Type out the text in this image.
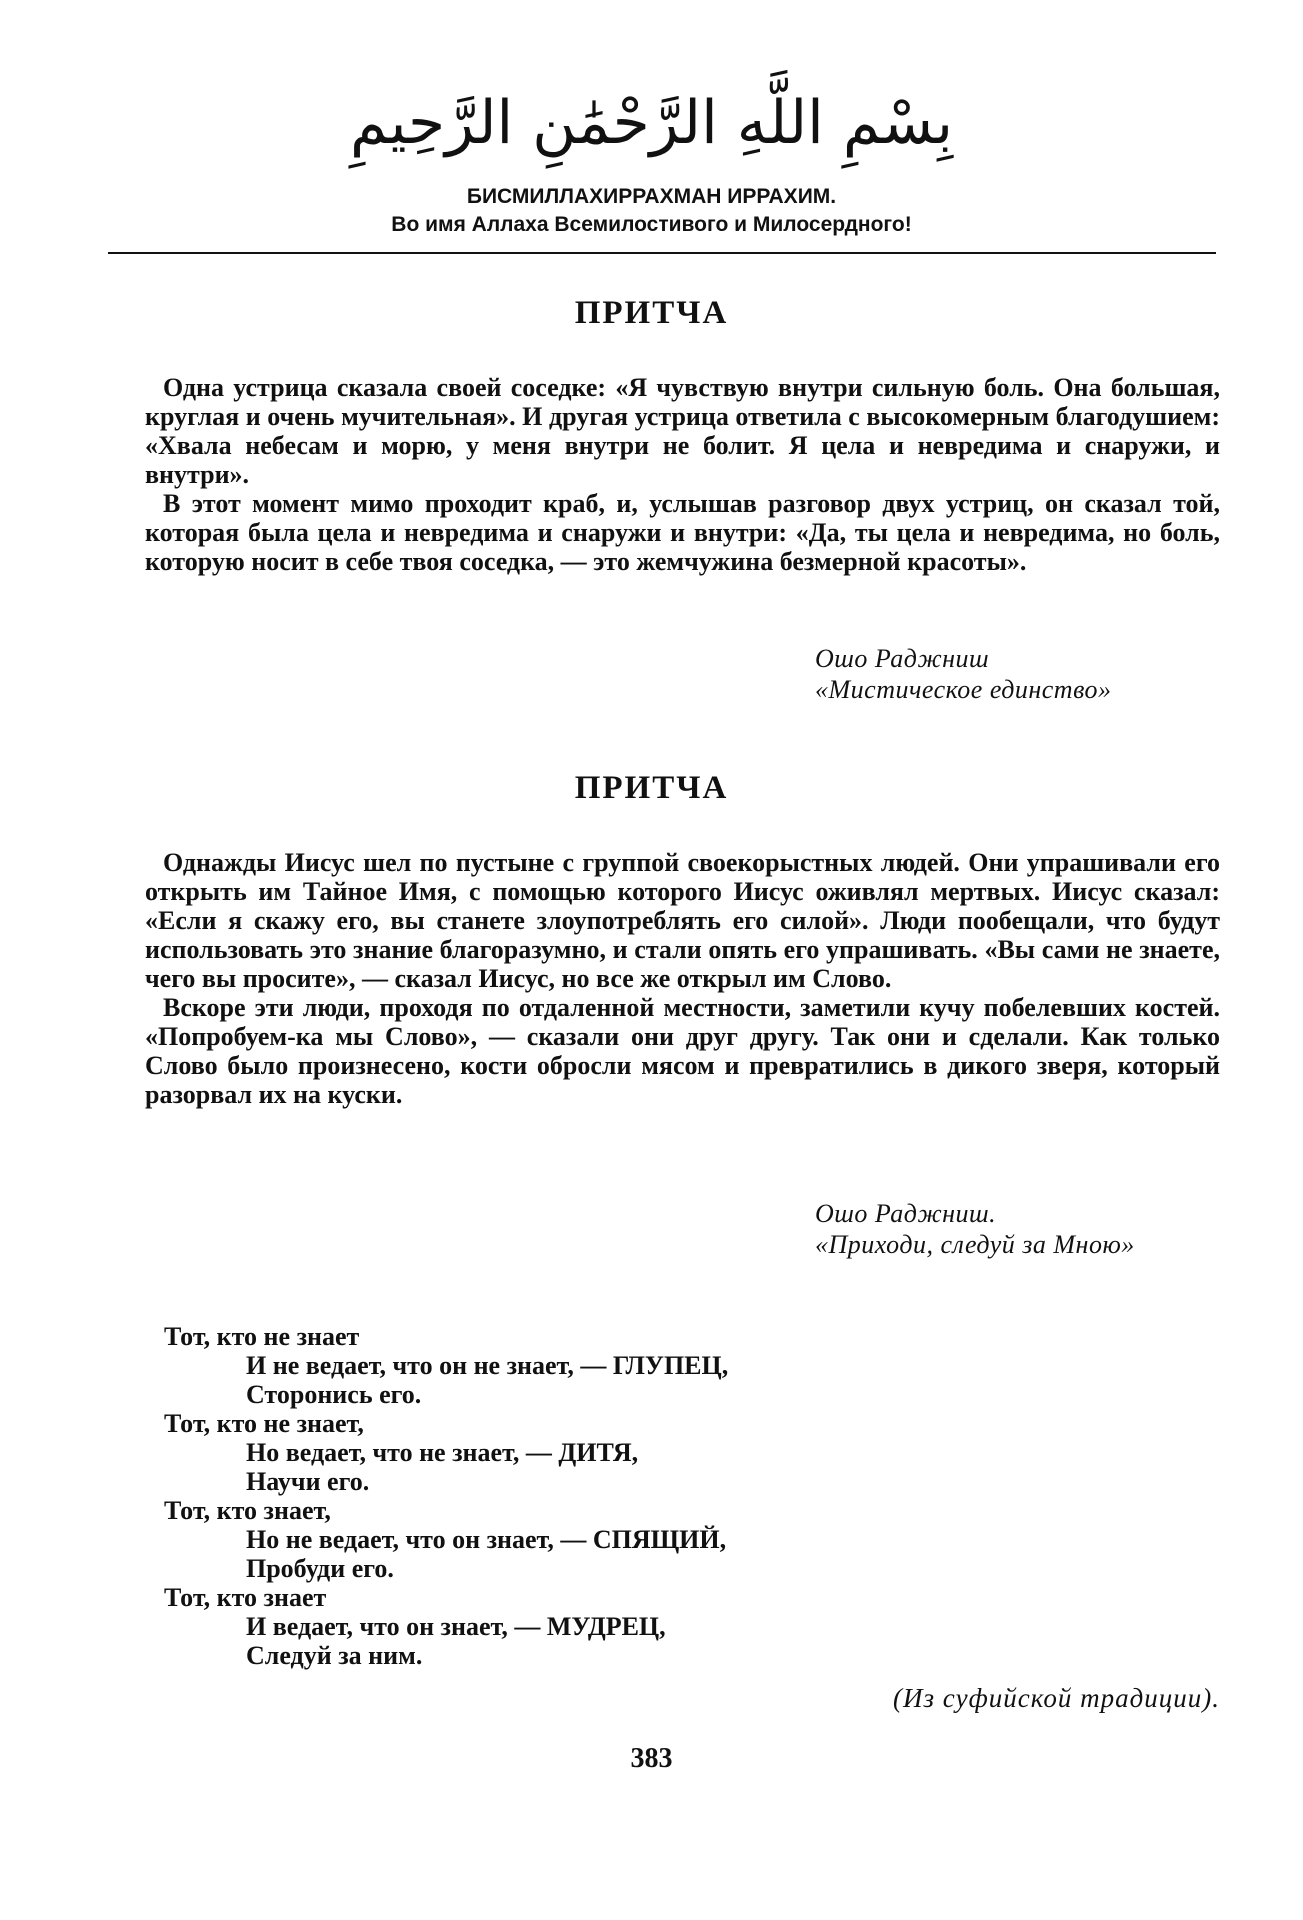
بِسْمِ اللَّهِ الرَّحْمَٰنِ الرَّحِيمِ
БИСМИЛЛАХИРРАХМАН ИРРАХИМ.
Во имя Аллаха Всемилостивого и Милосердного!
ПРИТЧА

Одна устрица сказала своей соседке: «Я чувствую внутри сильную боль. Она большая, круглая и очень мучительная». И другая устрица ответила с высокомерным благодушием: «Хвала небесам и морю, у меня внутри не болит. Я цела и невредима и снаружи, и внутри».

В этот момент мимо проходит краб, и, услышав разговор двух устриц, он сказал той, которая была цела и невредима и снаружи и внутри: «Да, ты цела и невредима, но боль, которую носит в себе твоя соседка, — это жемчужина безмерной красоты».

Ошо Раджниш
«Мистическое единство»
ПРИТЧА

Однажды Иисус шел по пустыне с группой своекорыстных людей. Они упрашивали его открыть им Тайное Имя, с помощью которого Иисус оживлял мертвых. Иисус сказал: «Если я скажу его, вы станете злоупотреблять его силой». Люди пообещали, что будут использовать это знание благоразумно, и стали опять его упрашивать. «Вы сами не знаете, чего вы просите», — сказал Иисус, но все же открыл им Слово.

Вскоре эти люди, проходя по отдаленной местности, заметили кучу побелевших костей. «Попробуем-ка мы Слово», — сказали они друг другу. Так они и сделали. Как только Слово было произнесено, кости обросли мясом и превратились в дикого зверя, который разорвал их на куски.

Ошо Раджниш.
«Приходи, следуй за Мною»
Тот, кто не знает
И не ведает, что он не знает, — ГЛУПЕЦ,
Сторонись его.
Тот, кто не знает,
Но ведает, что не знает, — ДИТЯ,
Научи его.
Тот, кто знает,
Но не ведает, что он знает, — СПЯЩИЙ,
Пробуди его.
Тот, кто знает
И ведает, что он знает, — МУДРЕЦ,
Следуй за ним.
(Из суфийской традиции).
383
